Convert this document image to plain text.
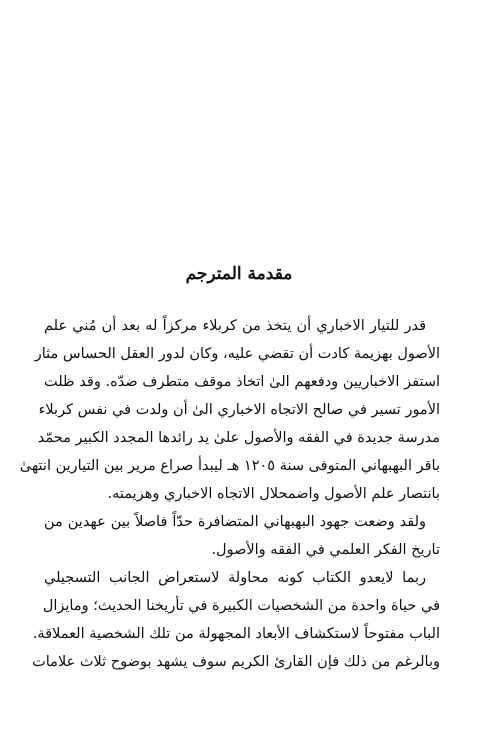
مقدمة المترجم
قدر للتيار الاخباري أن يتخذ من كربلاء مركزاً له بعد أن مُني علم
الأصول بهزيمة كادت أن تقضي عليه، وكان لدور العقل الحساس مثار
استفز الاخباريين ودفعهم الىٰ اتخاذ موقف متطرف ضدّه. وقد ظلت
الأمور تسير في صالح الاتجاه الاخباري الىٰ أن ولدت في نفس كربلاء
مدرسة جديدة في الفقه والأصول علىٰ يد رائدها المجدد الكبير محمّد
باقر البهبهاني المتوفى سنة ١٢٠٥ هـ ليبدأ صراع مرير بين التيارين انتهىٰ
بانتصار علم الأصول واضمحلال الاتجاه الاخباري وهزيمته.
ولقد وضعت جهود البهبهاني المتضافرة حدّاً فاصلاً بين عهدين من
تاريخ الفكر العلمي في الفقه والأصول.
ربما لايعدو الكتاب كونه محاولة لاستعراض الجانب التسجيلي
في حياة واحدة من الشخصيات الكبيرة في تأريخنا الحديث؛ ومايزال
الباب مفتوحاً لاستكشاف الأبعاد المجهولة من تلك الشخصية العملاقة.
وبالرغم من ذلك فإن القارئ الكريم سوف يشهد بوضوح ثلاث علامات
